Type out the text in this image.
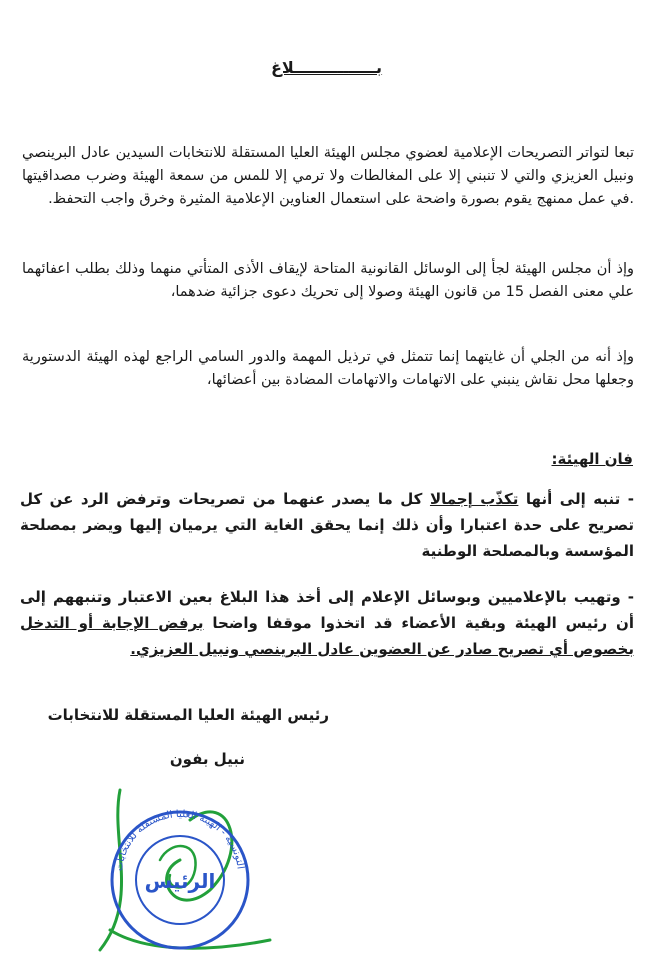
بـــــــــــــــلاغ
تبعا لتواتر التصريحات الإعلامية لعضوي مجلس الهيئة العليا المستقلة للانتخابات السيدين عادل البرينصي ونبيل العزيزي والتي لا تنبني إلا على المغالطات ولا ترمي إلا للمس من سمعة الهيئة وضرب مصداقيتها .في عمل ممنهج يقوم بصورة واضحة على استعمال العناوين الإعلامية المثيرة وخرق واجب التحفظ.
وإذ أن مجلس الهيئة لجأ إلى الوسائل القانونية المتاحة لإيقاف الأذى المتأتي منهما وذلك بطلب اعفائهما علي معنى الفصل 15 من قانون الهيئة وصولا إلى تحريك دعوى جزائية ضدهما،
وإذ أنه من الجلي أن غايتهما إنما تتمثل في ترذيل المهمة والدور السامي الراجع لهذه الهيئة الدستورية وجعلها محل نقاش ينبني على الاتهامات والاتهامات المضادة بين أعضائها،
فان الهيئة:
- تنبه إلى أنها تكذّب إجمالا كل ما يصدر عنهما من تصريحات وترفض الرد عن كل تصريح على حدة اعتبارا وأن ذلك إنما يحقق الغاية التي يرميان إليها ويضر بمصلحة المؤسسة وبالمصلحة الوطنية
- وتهيب بالإعلاميين وبوسائل الإعلام إلى أخذ هذا البلاغ بعين الاعتبار وتنبههم إلى أن رئيس الهيئة وبقية الأعضاء قد اتخذوا موقفا واضحا برفض الإجابة أو التدخل بخصوص أي تصريح صادر عن العضوين عادل البرينصي ونبيل العزيزي.
رئيس الهيئة العليا المستقلة للانتخابات
نبيل بفون
التونسية - الهيئة العليا المستقلة للانتخابات
الرئيس
